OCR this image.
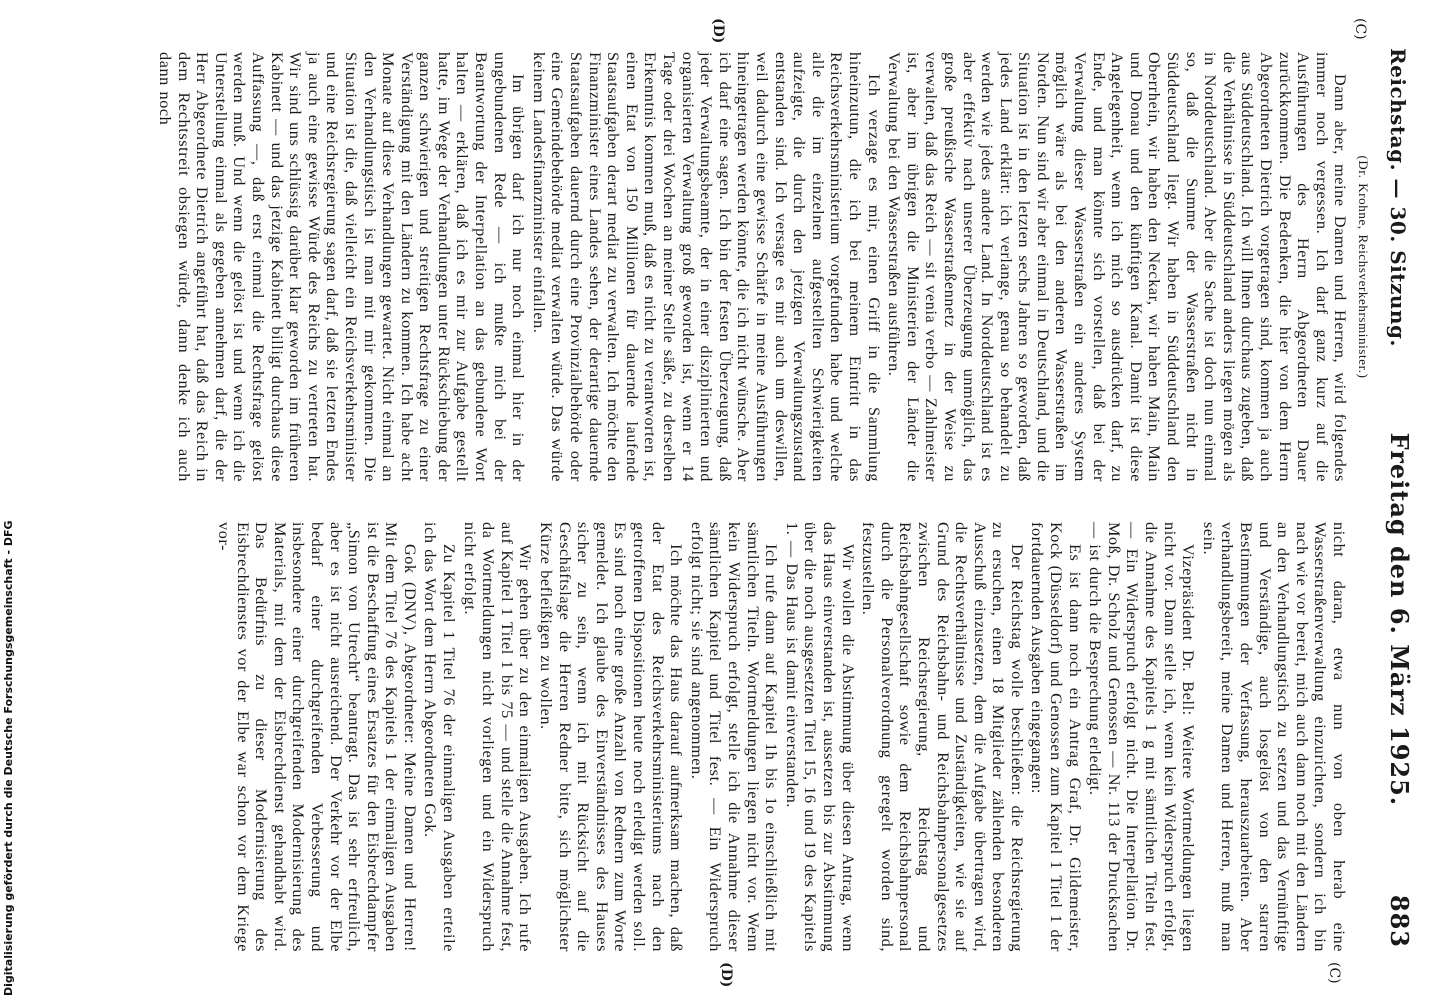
Digitalisierung gefördert durch die Deutsche Forschungsgemeinschaft - DFG
Reichstag. — 30. Sitzung.
Freitag den 6. März 1925.  883
(C)
(D)
(C)
(D)

(Dr. Krohne, Reichsverkehrsminister.)

Dann aber, meine Damen und Herren, wird folgendes immer noch vergessen. Ich darf ganz kurz auf die Ausführungen des Herrn Abgeordneten Dauer zurückkommen. Die Bedenken, die hier von dem Herrn Abgeordneten Dietrich vorgetragen sind, kommen ja auch aus Süddeutschland. Ich will Ihnen durchaus zugeben, daß die Verhältnisse in Süddeutschland anders liegen mögen als in Norddeutschland. Aber die Sache ist doch nun einmal so, daß die Summe der Wasserstraßen nicht in Süddeutschland liegt. Wir haben in Süddeutschland den Oberrhein, wir haben den Neckar, wir haben Main, Main und Donau und den künftigen Kanal. Damit ist diese Angelegenheit, wenn ich mich so ausdrücken darf, zu Ende, und man könnte sich vorstellen, daß bei der Verwaltung dieser Wasserstraßen ein anderes System möglich wäre als bei den anderen Wasserstraßen im Norden. Nun sind wir aber einmal in Deutschland, und die Situation ist in den letzten sechs Jahren so geworden, daß jedes Land erklärt: ich verlange, genau so behandelt zu werden wie jedes andere Land. In Norddeutschland ist es aber effektiv nach unserer Überzeugung unmöglich, das große preußische Wasserstraßennetz in der Weise zu verwalten, daß das Reich — sit venia verbo — Zahlmeister ist, aber im übrigen die Ministerien der Länder die Verwaltung bei den Wasserstraßen ausführen.

Ich verzage es mir, einen Griff in die Sammlung hineinzutun, die ich bei meinem Eintritt in das Reichsverkehrsministerium vorgefunden habe und welche alle die im einzelnen aufgestellten Schwierigkeiten aufzeigte, die durch den jetzigen Verwaltungszustand entstanden sind. Ich versage es mir auch um deswillen, weil dadurch eine gewisse Schärfe in meine Ausführungen hineingetragen werden könnte, die ich nicht wünsche. Aber ich darf eine sagen. Ich bin der festen Überzeugung, daß jeder Verwaltungsbeamte, der in einer disziplinierten und organisierten Verwaltung groß geworden ist, wenn er 14 Tage oder drei Wochen an meiner Stelle säße, zu derselben Erkenntnis kommen muß, daß es nicht zu verantworten ist, einen Etat von 150 Millionen für dauernde laufende Staatsaufgaben derart mediat zu verwalten. Ich möchte den Finanzminister eines Landes sehen, der derartige dauernde Staatsaufgaben dauernd durch eine Provinzialbehörde oder eine Gemeindebehörde mediat verwalten würde. Das würde keinem Landesfinanzminister einfallen.

Im übrigen darf ich nur noch einmal hier in der ungebundenen Rede — ich mußte mich bei der Beantwortung der Interpellation an das gebundene Wort halten — erklären, daß ich es mir zur Aufgabe gestellt hatte, im Wege der Verhandlungen unter Rückschiebung der ganzen schwierigen und streitigen Rechtsfrage zu einer Verständigung mit den Ländern zu kommen. Ich habe acht Monate auf diese Verhandlungen gewartet. Nicht einmal an den Verhandlungstisch ist man mit mir gekommen. Die Situation ist die, daß vielleicht ein Reichsverkehrsminister und eine Reichsregierung sagen darf, daß sie letzten Endes ja auch eine gewisse Würde des Reichs zu vertreten hat. Wir sind uns schlüssig darüber klar geworden im früheren Kabinett — und das jetzige Kabinett billigt durchaus diese Auffassung —, daß erst einmal die Rechtsfrage gelöst werden muß. Und wenn die gelöst ist und wenn ich die Unterstellung einmal als gegeben annehmen darf, die der Herr Abgeordnete Dietrich angeführt hat, daß das Reich in dem Rechtsstreit obsiegen würde, dann denke ich auch dann noch

nicht daran, etwa nun von oben herab eine Wasserstraßenverwaltung einzurichten, sondern ich bin nach wie vor bereit, mich auch dann noch mit den Ländern an den Verhandlungstisch zu setzen und das Vernünftige und Verständige, auch losgelöst von den starren Bestimmungen der Verfassung, herauszuarbeiten. Aber verhandlungsbereit, meine Damen und Herren, muß man sein.

Vizepräsident Dr. Bell: Weitere Wortmeldungen liegen nicht vor. Dann stelle ich, wenn kein Widerspruch erfolgt, die Annahme des Kapitels 1 g mit sämtlichen Titeln fest. — Ein Widerspruch erfolgt nicht. Die Interpellation Dr. Moß, Dr. Scholz und Genossen — Nr. 113 der Drucksachen — ist durch die Besprechung erledigt.

Es ist dann noch ein Antrag Graf, Dr. Gildemeister, Kock (Düsseldorf) und Genossen zum Kapitel 1 Titel 1 der fortdauernden Ausgaben eingegangen:

Der Reichstag wolle beschließen: die Reichsregierung zu ersuchen, einen 18 Mitglieder zählenden besonderen Ausschuß einzusetzen, dem die Aufgabe übertragen wird, die Rechtsverhältnisse und Zuständigkeiten, wie sie auf Grund des Reichsbahn- und Reichsbahnpersonalgesetzes zwischen Reichsregierung, Reichstag und Reichsbahngesellschaft sowie dem Reichsbahnpersonal durch die Personalverordnung geregelt worden sind, festzustellen.

Wir wollen die Abstimmung über diesen Antrag, wenn das Haus einverstanden ist, aussetzen bis zur Abstimmung über die noch ausgesetzten Titel 15, 16 und 19 des Kapitels 1. — Das Haus ist damit einverstanden.

Ich rufe dann auf Kapitel 1h bis 1o einschließlich mit sämtlichen Titeln. Wortmeldungen liegen nicht vor. Wenn kein Widerspruch erfolgt, stelle ich die Annahme dieser sämtlichen Kapitel und Titel fest. — Ein Widerspruch erfolgt nicht; sie sind angenommen.

Ich möchte das Haus darauf aufmerksam machen, daß der Etat des Reichsverkehrsministeriums nach den getroffenen Dispositionen heute noch erledigt werden soll. Es sind noch eine große Anzahl von Rednern zum Worte gemeldet. Ich glaube des Einverständnisses des Hauses sicher zu sein, wenn ich mit Rücksicht auf die Geschäftslage die Herren Redner bitte, sich möglichster Kürze befleißigen zu wollen.

Wir gehen über zu den einmaligen Ausgaben. Ich rufe auf Kapitel 1 Titel 1 bis 75 — und stelle die Annahme fest, da Wortmeldungen nicht vorliegen und ein Widerspruch nicht erfolgt.

Zu Kapitel 1 Titel 76 der einmaligen Ausgaben erteile ich das Wort dem Herrn Abgeordneten Gok.

Gok (DNV), Abgeordneter: Meine Damen und Herren! Mit dem Titel 76 des Kapitels 1 der einmaligen Ausgaben ist die Beschaffung eines Ersatzes für den Eisbrechdampfer „Simon von Utrecht“ beantragt. Das ist sehr erfreulich, aber es ist nicht ausreichend. Der Verkehr vor der Elbe bedarf einer durchgreifenden Verbesserung und insbesondere einer durchgreifenden Modernisierung des Materials, mit dem der Eisbrechdienst gehandhabt wird. Das Bedürfnis zu dieser Modernisierung des Eisbrechdienstes vor der Elbe war schon vor dem Kriege vor-
